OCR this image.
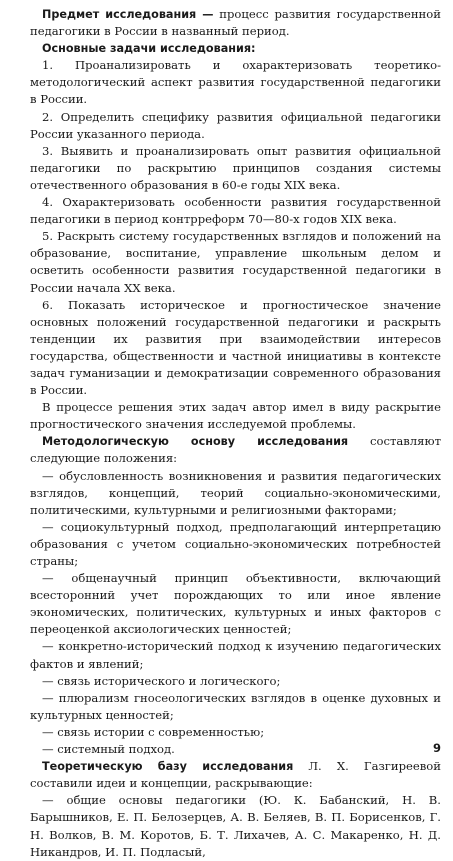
Предмет исследования — процесс развития государственной педагогики в России в названный период.

Основные задачи исследования:

1. Проанализировать и охарактеризовать теоретико-методологический аспект развития государственной педагогики в России.

2. Определить специфику развития официальной педагогики России указанного периода.

3. Выявить и проанализировать опыт развития официальной педагогики по раскрытию принципов создания системы отечественного образования в 60-е годы XIX века.

4. Охарактеризовать особенности развития государственной педагогики в период контрреформ 70—80-х годов XIX века.

5. Раскрыть систему государственных взглядов и положений на образование, воспитание, управление школьным делом и осветить особенности развития государственной педагогики в России начала XX века.

6. Показать историческое и прогностическое значение основных положений государственной педагогики и раскрыть тенденции их развития при взаимодействии интересов государства, общественности и частной инициативы в контексте задач гуманизации и демократизации современного образования в России.

В процессе решения этих задач автор имел в виду раскрытие прогностического значения исследуемой проблемы.

Методологическую основу исследования составляют следующие положения:

— обусловленность возникновения и развития педагогических взглядов, концепций, теорий социально-экономическими, политическими, культурными и религиозными факторами;

— социокультурный подход, предполагающий интерпретацию образования с учетом социально-экономических потребностей страны;

— общенаучный принцип объективности, включающий всесторонний учет порождающих то или иное явление экономических, политических, культурных и иных факторов с переоценкой аксиологических ценностей;

— конкретно-исторический подход к изучению педагогических фактов и явлений;

— связь исторического и логического;

— плюрализм гносеологических взглядов в оценке духовных и культурных ценностей;

— связь истории с современностью;

— системный подход.

Теоретическую базу исследования Л. Х. Газгиреевой составили идеи и концепции, раскрывающие:

— общие основы педагогики (Ю. К. Бабанский, Н. В. Барышников, Е. П. Белозерцев, А. В. Беляев, В. П. Борисенков, Г. Н. Волков, В. М. Коротов, Б. Т. Лихачев, А. С. Макаренко, Н. Д. Никандров, И. П. Подласый,

9
